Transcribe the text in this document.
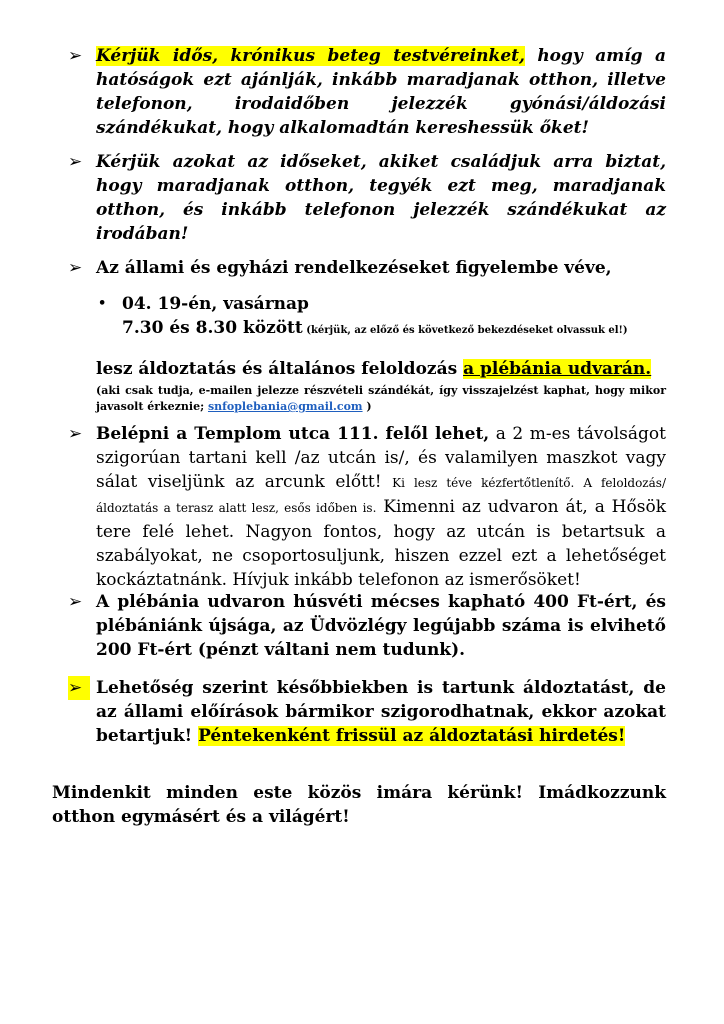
➢ Kérjük idős, krónikus beteg testvéreinket, hogy amíg a hatóságok ezt ajánlják, inkább maradjanak otthon, illetve telefonon, irodaidőben jelezzék gyónási/áldozási szándékukat, hogy alkalomadtán kereshessük őket!

➢ Kérjük azokat az időseket, akiket családjuk arra biztat, hogy maradjanak otthon, tegyék ezt meg, maradjanak otthon, és inkább telefonon jelezzék szándékukat az irodában!

➢ Az állami és egyházi rendelkezéseket figyelembe véve,

• 04. 19-én, vasárnap
7.30 és 8.30 között (kérjük, az előző és következő bekezdéseket olvassuk el!)

lesz áldoztatás és általános feloldozás a plébánia udvarán.

(aki csak tudja, e-mailen jelezze részvételi szándékát, így visszajelzést kaphat, hogy mikor javasolt érkeznie; snfoplebania@gmail.com )

➢ Belépni a Templom utca 111. felől lehet, a 2 m-es távolságot szigorúan tartani kell /az utcán is/, és valamilyen maszkot vagy sálat viseljünk az arcunk előtt! Ki lesz téve kézfertőtlenítő. A feloldozás/ áldoztatás a terasz alatt lesz, esős időben is. Kimenni az udvaron át, a Hősök tere felé lehet. Nagyon fontos, hogy az utcán is betartsuk a szabályokat, ne csoportosuljunk, hiszen ezzel ezt a lehetőséget kockáztatnánk. Hívjuk inkább telefonon az ismerősöket!

➢ A plébánia udvaron húsvéti mécses kapható 400 Ft-ért, és plébániánk újsága, az Üdvözlégy legújabb száma is elvihető 200 Ft-ért (pénzt váltani nem tudunk).

➢ Lehetőség szerint későbbiekben is tartunk áldoztatást, de az állami előírások bármikor szigorodhatnak, ekkor azokat betartjuk! Péntekenként frissül az áldoztatási hirdetés!

Mindenkit minden este közös imára kérünk! Imádkozzunk otthon egymásért és a világért!
